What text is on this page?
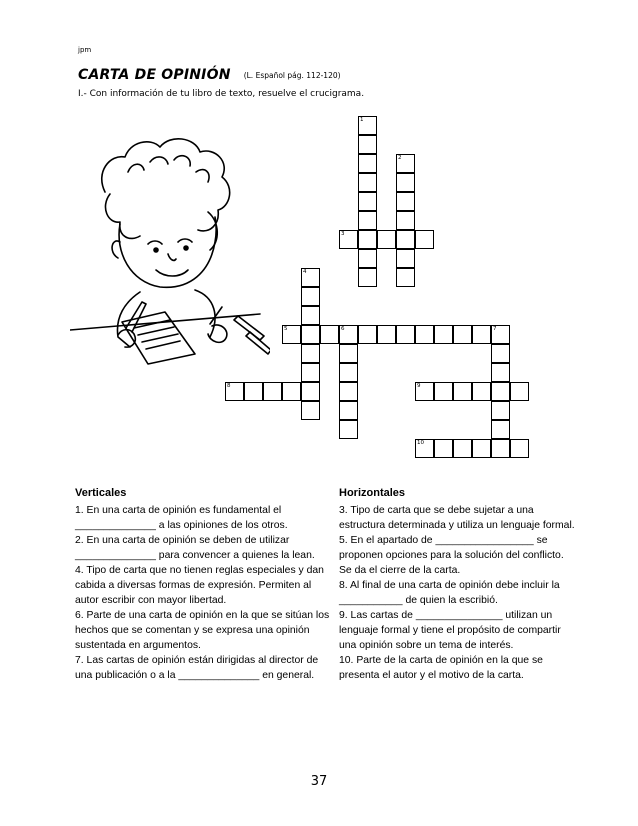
jpm
CARTA DE OPINIÓN (L. Español pág. 112-120)
I.- Con información de tu libro de texto, resuelve el crucigrama.
1
2
3
4
5	6	7
8	9
10
Verticales
1. En una carta de opinión es fundamental el ______________ a las opiniones de los otros.
2. En una carta de opinión se deben de utilizar ______________ para convencer a quienes la lean.
4. Tipo de carta que no tienen reglas especiales y dan cabida a diversas formas de expresión. Permiten al autor escribir con mayor libertad.
6. Parte de una carta de opinión en la que se sitúan los hechos que se comentan y se expresa una opinión sustentada en argumentos.
7. Las cartas de opinión están dirigidas al director de una publicación o a la ______________ en general.
Horizontales
3. Tipo de carta que se debe sujetar a una estructura determinada y utiliza un lenguaje formal.
5. En el apartado de _________________ se proponen opciones para la solución del conflicto. Se da el cierre de la carta.
8. Al final de una carta de opinión debe incluir la ___________ de quien la escribió.
9. Las cartas de _______________ utilizan un lenguaje formal y tiene el propósito de compartir una opinión sobre un tema de interés.
10. Parte de la carta de opinión en la que se presenta el autor y el motivo de la carta.
37
